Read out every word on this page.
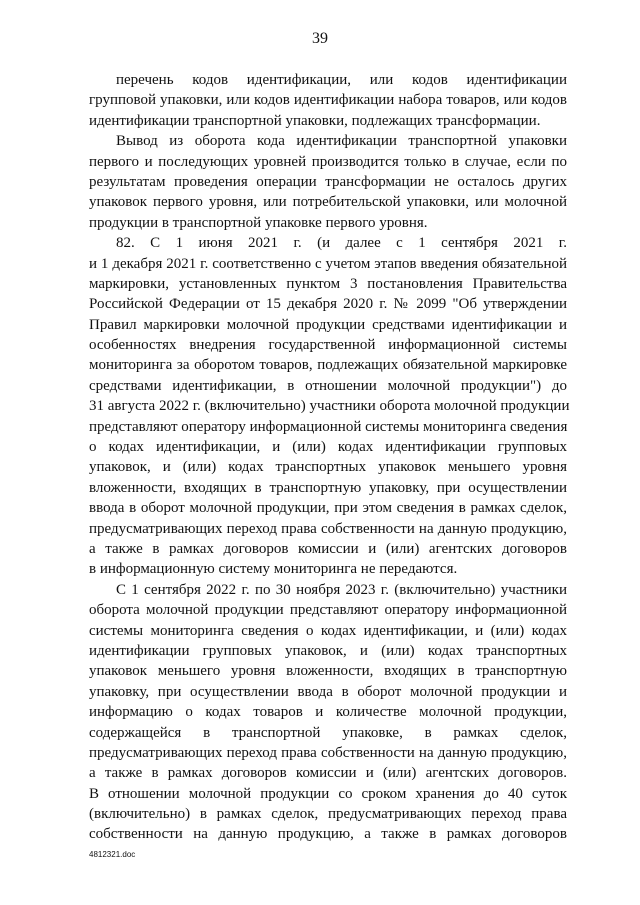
39
перечень кодов идентификации, или кодов идентификации
групповой упаковки, или кодов идентификации набора товаров, или кодов
идентификации транспортной упаковки, подлежащих трансформации.
Вывод из оборота кода идентификации транспортной упаковки
первого и последующих уровней производится только в случае, если по
результатам проведения операции трансформации не осталось других
упаковок первого уровня, или потребительской упаковки, или молочной
продукции в транспортной упаковке первого уровня.
82. С 1 июня 2021 г. (и далее с 1 сентября 2021 г.
и 1 декабря 2021 г. соответственно с учетом этапов введения обязательной
маркировки, установленных пунктом 3 постановления Правительства
Российской Федерации от 15 декабря 2020 г. № 2099 "Об утверждении
Правил маркировки молочной продукции средствами идентификации и
особенностях внедрения государственной информационной системы
мониторинга за оборотом товаров, подлежащих обязательной маркировке
средствами идентификации, в отношении молочной продукции") до
31 августа 2022 г. (включительно) участники оборота молочной продукции
представляют оператору информационной системы мониторинга сведения
о кодах идентификации, и (или) кодах идентификации групповых
упаковок, и (или) кодах транспортных упаковок меньшего уровня
вложенности, входящих в транспортную упаковку, при осуществлении
ввода в оборот молочной продукции, при этом сведения в рамках сделок,
предусматривающих переход права собственности на данную продукцию,
а также в рамках договоров комиссии и (или) агентских договоров
в информационную систему мониторинга не передаются.
С 1 сентября 2022 г. по 30 ноября 2023 г. (включительно) участники
оборота молочной продукции представляют оператору информационной
системы мониторинга сведения о кодах идентификации, и (или) кодах
идентификации групповых упаковок, и (или) кодах транспортных
упаковок меньшего уровня вложенности, входящих в транспортную
упаковку, при осуществлении ввода в оборот молочной продукции и
информацию о кодах товаров и количестве молочной продукции,
содержащейся в транспортной упаковке, в рамках сделок,
предусматривающих переход права собственности на данную продукцию,
а также в рамках договоров комиссии и (или) агентских договоров.
В отношении молочной продукции со сроком хранения до 40 суток
(включительно) в рамках сделок, предусматривающих переход права
собственности на данную продукцию, а также в рамках договоров
4812321.doc
